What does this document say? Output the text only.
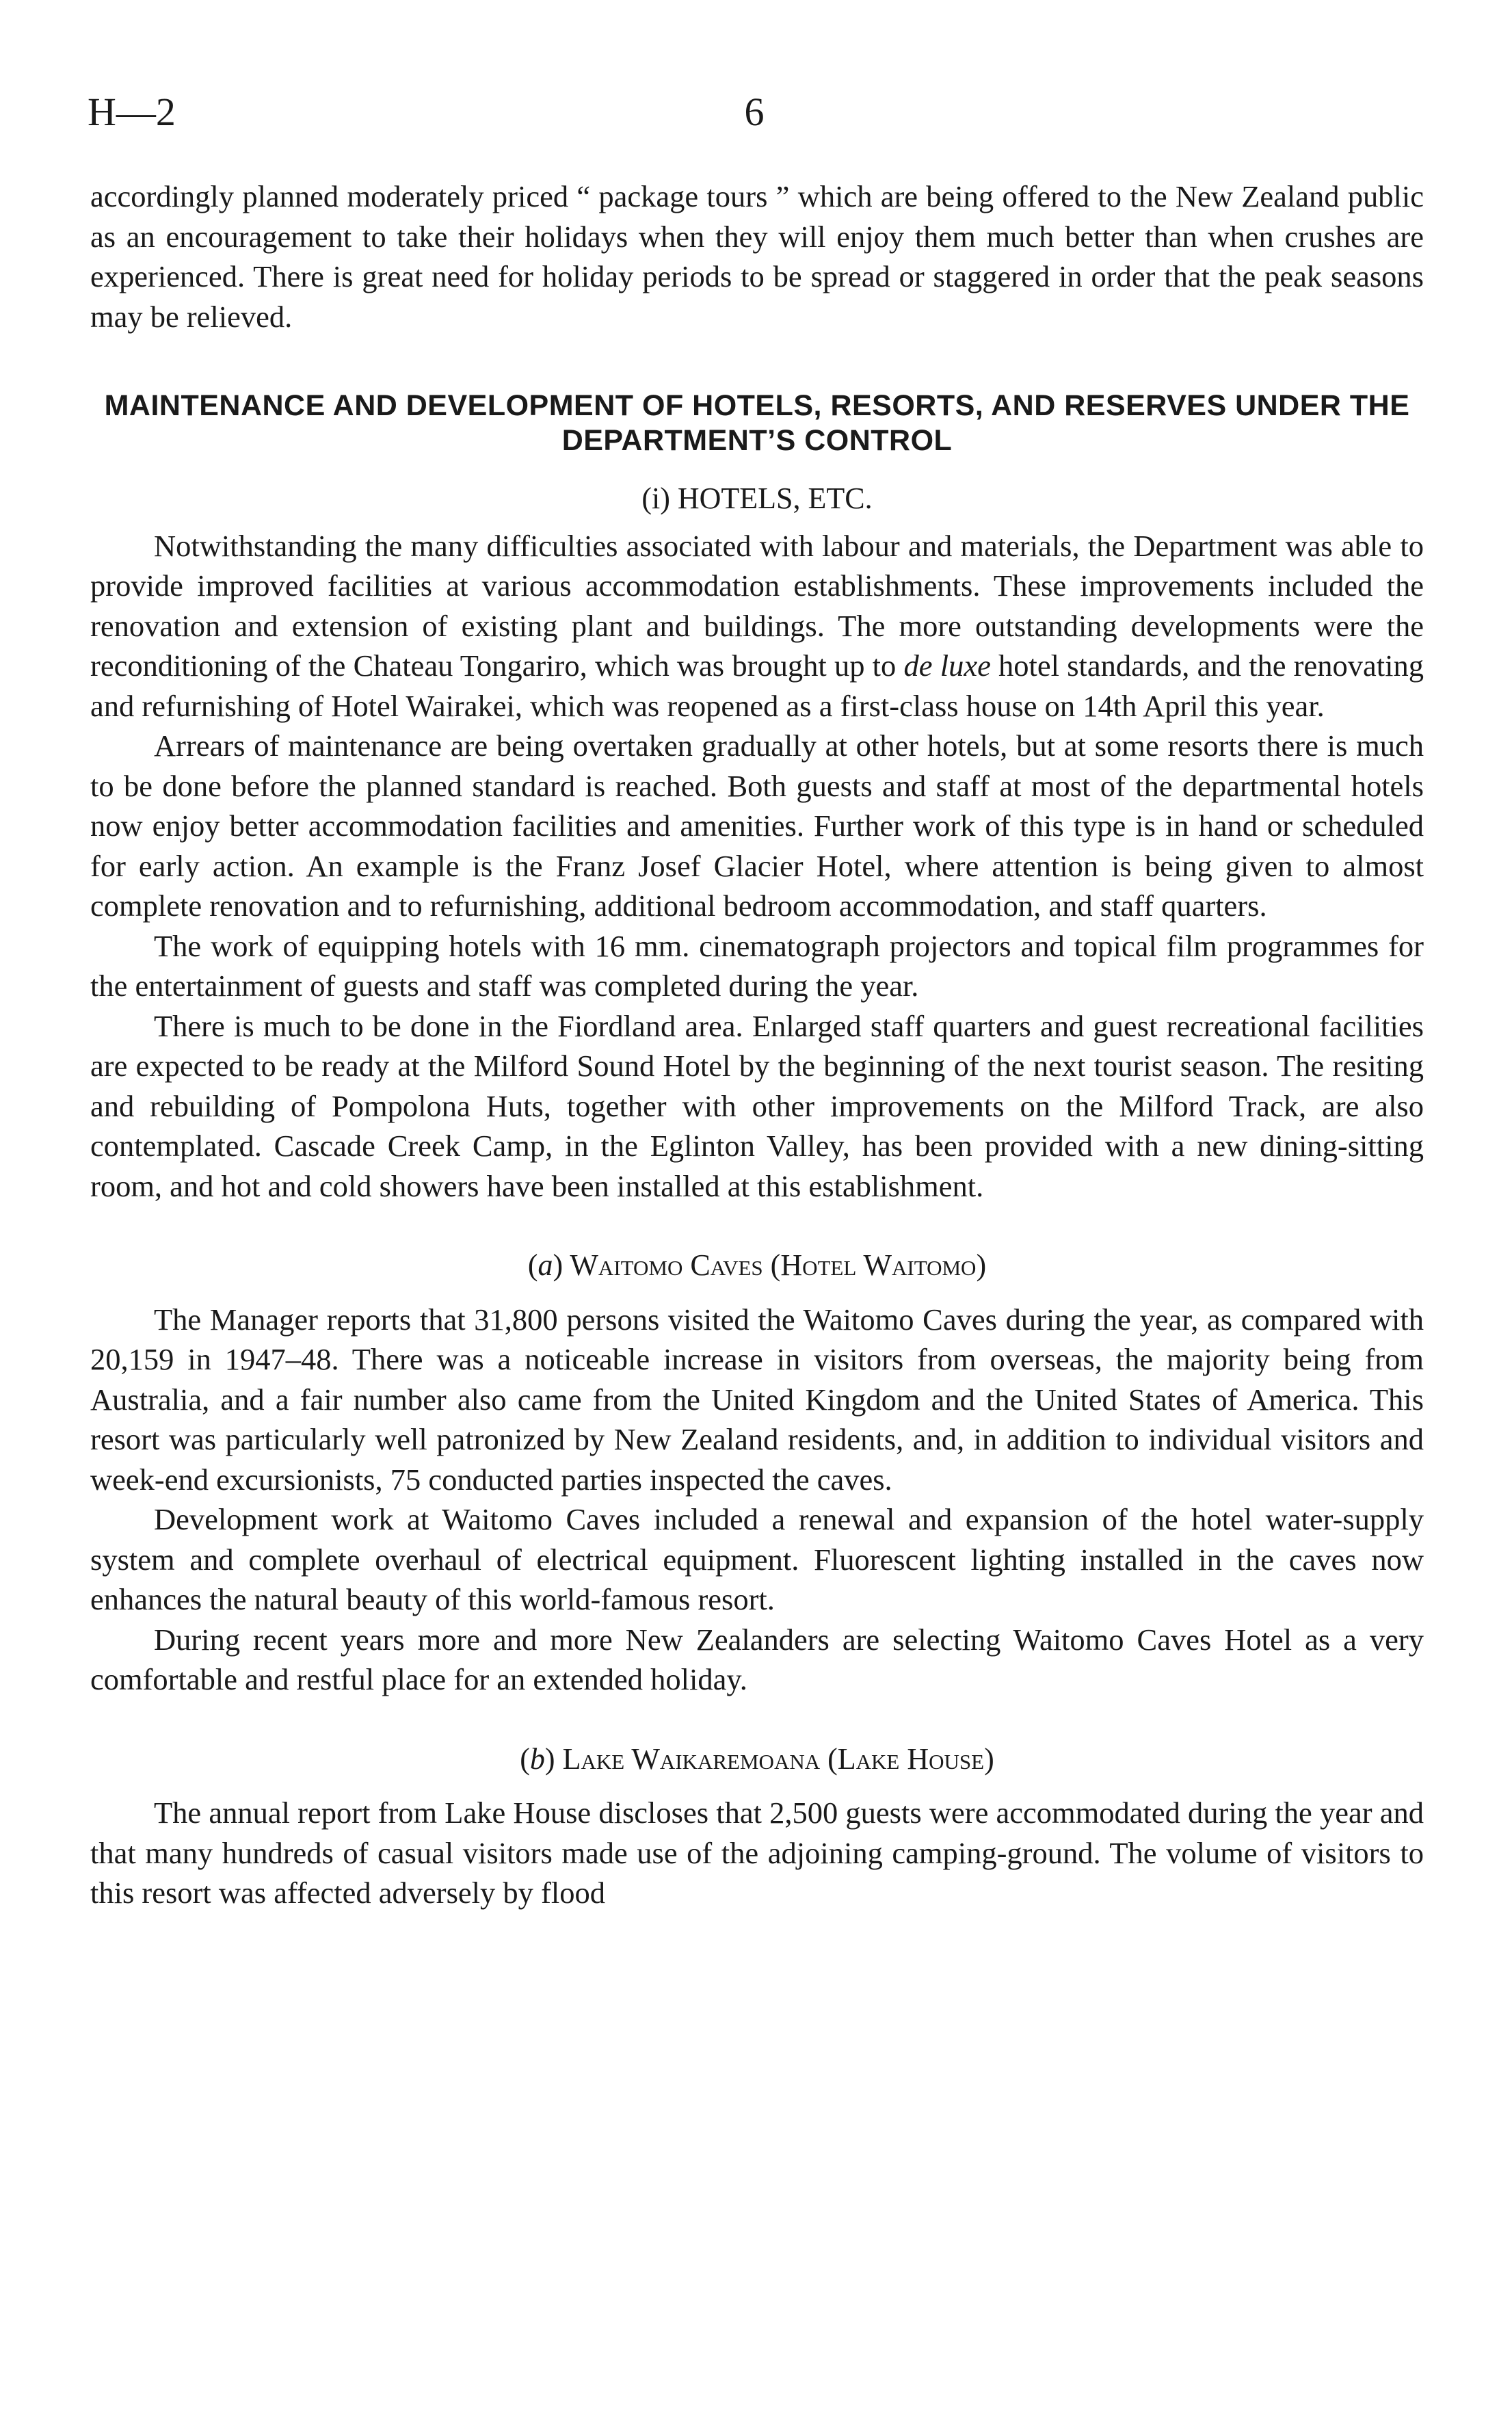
H—2	6

accordingly planned moderately priced “ package tours ” which are being offered to the New Zealand public as an encouragement to take their holidays when they will enjoy them much better than when crushes are experienced. There is great need for holiday periods to be spread or staggered in order that the peak seasons may be relieved.

MAINTENANCE AND DEVELOPMENT OF HOTELS, RESORTS, AND RESERVES UNDER THE DEPARTMENT’S CONTROL
(i) HOTELS, ETC.

Notwithstanding the many difficulties associated with labour and materials, the Department was able to provide improved facilities at various accommodation establishments. These improvements included the renovation and extension of existing plant and buildings. The more outstanding developments were the reconditioning of the Chateau Tongariro, which was brought up to de luxe hotel standards, and the renovating and refurnishing of Hotel Wairakei, which was reopened as a first-class house on 14th April this year.

Arrears of maintenance are being overtaken gradually at other hotels, but at some resorts there is much to be done before the planned standard is reached. Both guests and staff at most of the departmental hotels now enjoy better accommodation facilities and amenities. Further work of this type is in hand or scheduled for early action. An example is the Franz Josef Glacier Hotel, where attention is being given to almost complete renovation and to refurnishing, additional bedroom accommodation, and staff quarters.

The work of equipping hotels with 16 mm. cinematograph projectors and topical film programmes for the entertainment of guests and staff was completed during the year.

There is much to be done in the Fiordland area. Enlarged staff quarters and guest recreational facilities are expected to be ready at the Milford Sound Hotel by the beginning of the next tourist season. The resiting and rebuilding of Pompolona Huts, together with other improvements on the Milford Track, are also contemplated. Cascade Creek Camp, in the Eglinton Valley, has been provided with a new dining-sitting room, and hot and cold showers have been installed at this establishment.

(a) Waitomo Caves (Hotel Waitomo)

The Manager reports that 31,800 persons visited the Waitomo Caves during the year, as compared with 20,159 in 1947–48. There was a noticeable increase in visitors from overseas, the majority being from Australia, and a fair number also came from the United Kingdom and the United States of America. This resort was particularly well patronized by New Zealand residents, and, in addition to individual visitors and week-end excursionists, 75 conducted parties inspected the caves.

Development work at Waitomo Caves included a renewal and expansion of the hotel water-supply system and complete overhaul of electrical equipment. Fluorescent lighting installed in the caves now enhances the natural beauty of this world-famous resort.

During recent years more and more New Zealanders are selecting Waitomo Caves Hotel as a very comfortable and restful place for an extended holiday.

(b) Lake Waikaremoana (Lake House)

The annual report from Lake House discloses that 2,500 guests were accommodated during the year and that many hundreds of casual visitors made use of the adjoining camping-ground. The volume of visitors to this resort was affected adversely by flood
